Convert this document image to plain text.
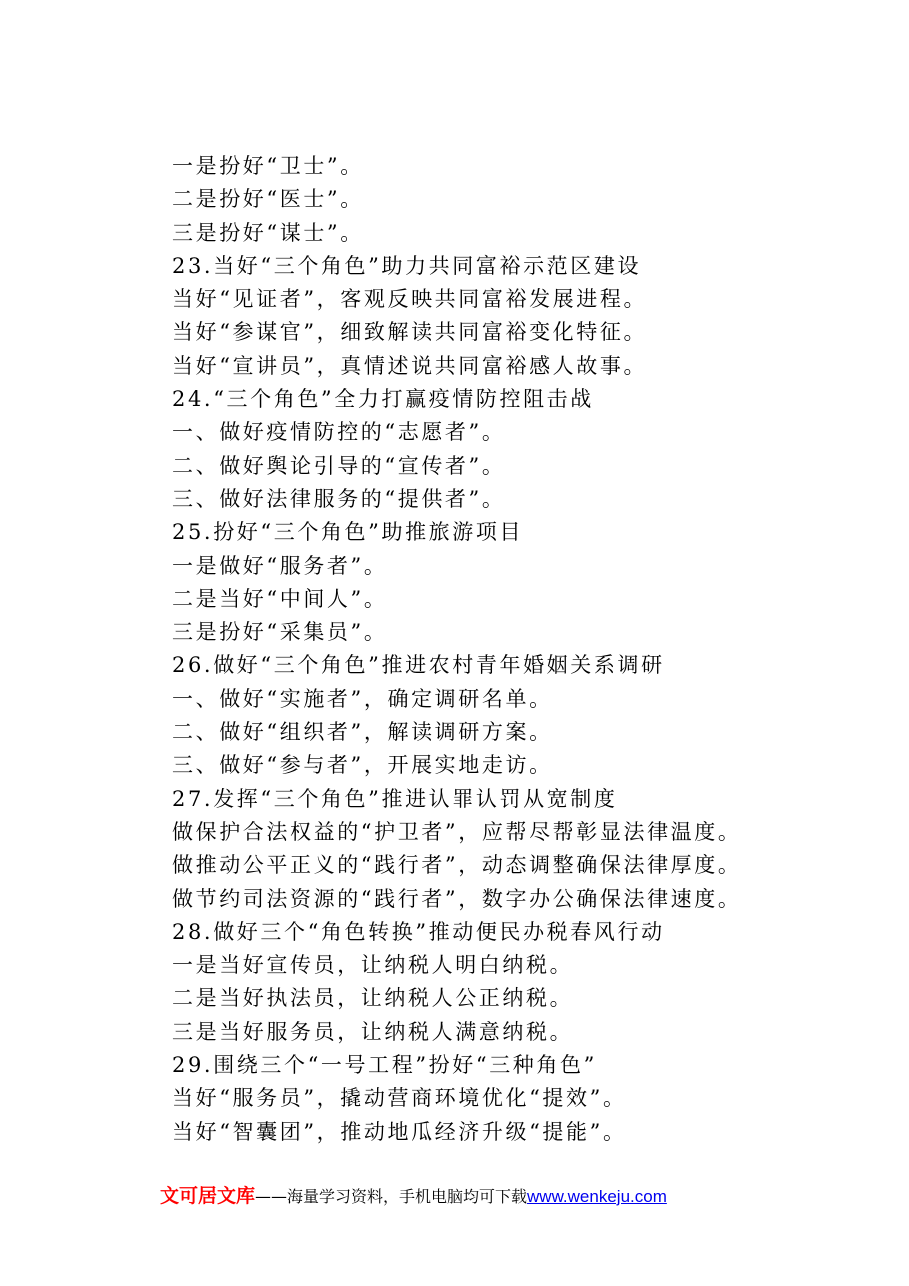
一是扮好“卫士”。
二是扮好“医士”。
三是扮好“谋士”。
23.当好“三个角色”助力共同富裕示范区建设
当好“见证者”，客观反映共同富裕发展进程。
当好“参谋官”，细致解读共同富裕变化特征。
当好“宣讲员”，真情述说共同富裕感人故事。
24.“三个角色”全力打赢疫情防控阻击战
一、做好疫情防控的“志愿者”。
二、做好舆论引导的“宣传者”。
三、做好法律服务的“提供者”。
25.扮好“三个角色”助推旅游项目
一是做好“服务者”。
二是当好“中间人”。
三是扮好“采集员”。
26.做好“三个角色”推进农村青年婚姻关系调研
一、做好“实施者”，确定调研名单。
二、做好“组织者”，解读调研方案。
三、做好“参与者”，开展实地走访。
27.发挥“三个角色”推进认罪认罚从宽制度
做保护合法权益的“护卫者”，应帮尽帮彰显法律温度。
做推动公平正义的“践行者”，动态调整确保法律厚度。
做节约司法资源的“践行者”，数字办公确保法律速度。
28.做好三个“角色转换”推动便民办税春风行动
一是当好宣传员，让纳税人明白纳税。
二是当好执法员，让纳税人公正纳税。
三是当好服务员，让纳税人满意纳税。
29.围绕三个“一号工程”扮好“三种角色”
当好“服务员”，撬动营商环境优化“提效”。
当好“智囊团”，推动地瓜经济升级“提能”。
文可居文库——海量学习资料，手机电脑均可下载www.wenkeju.com
